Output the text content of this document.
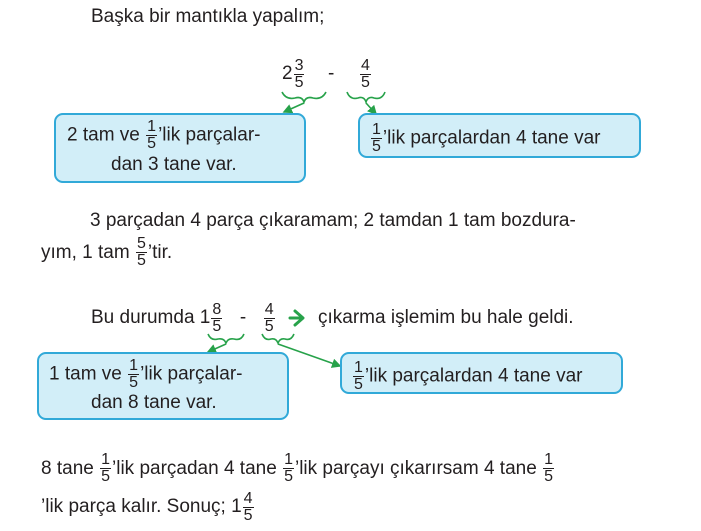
Başka bir mantıkla yapalım;
$2 \frac{3}{5} - \frac{4}{5}$
2 tam ve $\frac{1}{5}$ ’lik parçalar-
dan 3 tane var.
$\frac{1}{5}$ ’lik parçalardan 4 tane var
3 parçadan 4 parça çıkaramam; 2 tamdan 1 tam bozdura-
yım, 1 tam $\frac{5}{5}$ ’tir.
Bu durumda $1 \frac{8}{5} - \frac{4}{5}$ çıkarma işlemim bu hale geldi.
1 tam ve $\frac{1}{5}$ ’lik parçalar-
dan 8 tane var.
$\frac{1}{5}$ ’lik parçalardan 4 tane var
8 tane $\frac{1}{5}$ ’lik parçadan 4 tane $\frac{1}{5}$ ’lik parçayı çıkarırsam 4 tane $\frac{1}{5}$
’lik parça kalır. Sonuç; $1 \frac{4}{5}$
